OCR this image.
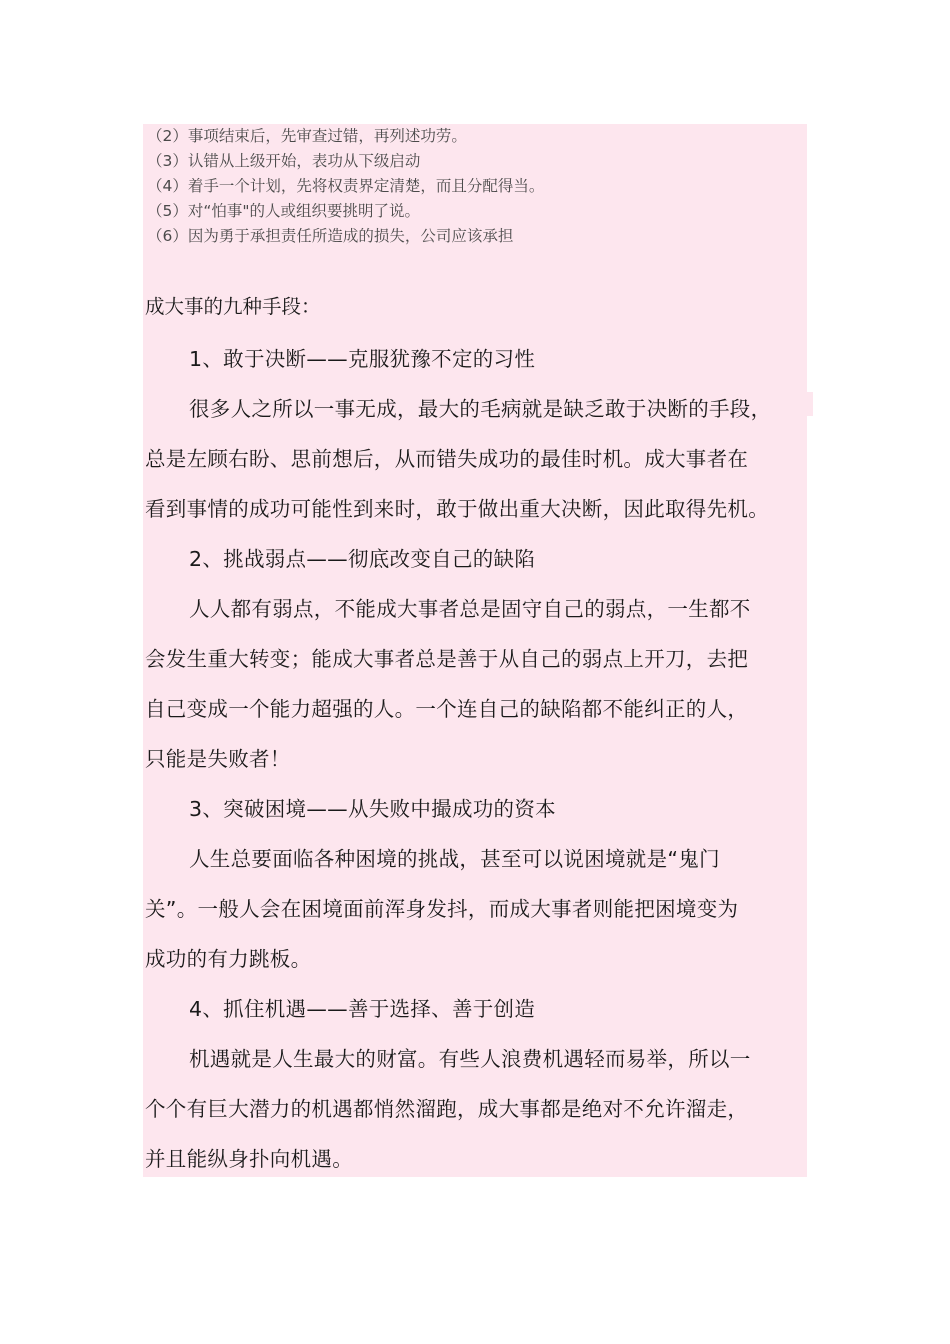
（2）事项结束后，先审查过错，再列述功劳。
（3）认错从上级开始，表功从下级启动
（4）着手一个计划，先将权责界定清楚，而且分配得当。
（5）对“怕事"的人或组织要挑明了说。
（6）因为勇于承担责任所造成的损失，公司应该承担
成大事的九种手段：
1、敢于决断——克服犹豫不定的习性
很多人之所以一事无成，最大的毛病就是缺乏敢于决断的手段，
总是左顾右盼、思前想后，从而错失成功的最佳时机。成大事者在
看到事情的成功可能性到来时，敢于做出重大决断，因此取得先机。
2、挑战弱点——彻底改变自己的缺陷
人人都有弱点，不能成大事者总是固守自己的弱点，一生都不
会发生重大转变；能成大事者总是善于从自己的弱点上开刀，去把
自己变成一个能力超强的人。一个连自己的缺陷都不能纠正的人，
只能是失败者！
3、突破困境——从失败中撮成功的资本
人生总要面临各种困境的挑战，甚至可以说困境就是“鬼门
关”。一般人会在困境面前浑身发抖，而成大事者则能把困境变为
成功的有力跳板。
4、抓住机遇——善于选择、善于创造
机遇就是人生最大的财富。有些人浪费机遇轻而易举，所以一
个个有巨大潜力的机遇都悄然溜跑，成大事都是绝对不允许溜走，
并且能纵身扑向机遇。
